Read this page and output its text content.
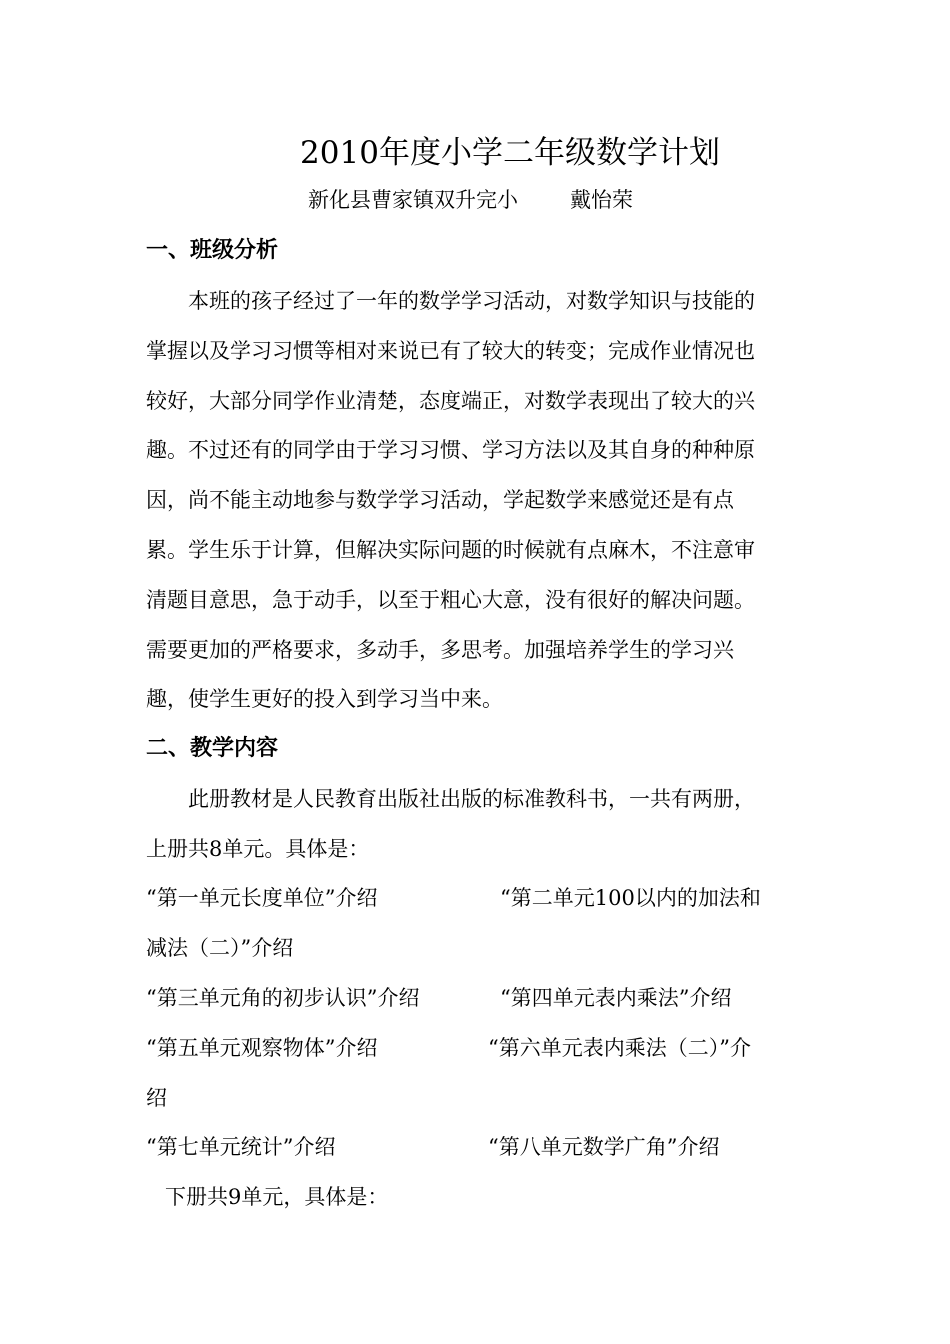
2010年度小学二年级数学计划
新化县曹家镇双升完小 戴怡荣
一、班级分析
本班的孩子经过了一年的数学学习活动，对数学知识与技能的
掌握以及学习习惯等相对来说已有了较大的转变；完成作业情况也
较好，大部分同学作业清楚，态度端正，对数学表现出了较大的兴
趣。不过还有的同学由于学习习惯、学习方法以及其自身的种种原
因，尚不能主动地参与数学学习活动，学起数学来感觉还是有点
累。学生乐于计算，但解决实际问题的时候就有点麻木，不注意审
清题目意思，急于动手，以至于粗心大意，没有很好的解决问题。
需要更加的严格要求，多动手，多思考。加强培养学生的学习兴
趣，使学生更好的投入到学习当中来。
二、教学内容
此册教材是人民教育出版社出版的标准教科书，一共有两册，
上册共8单元。具体是：
“第一单元长度单位”介绍	“第二单元100以内的加法和
减法（二）”介绍
“第三单元角的初步认识”介绍	“第四单元表内乘法”介绍
“第五单元观察物体”介绍	“第六单元表内乘法（二）”介
绍
“第七单元统计”介绍	“第八单元数学广角”介绍
下册共9单元，具体是：
